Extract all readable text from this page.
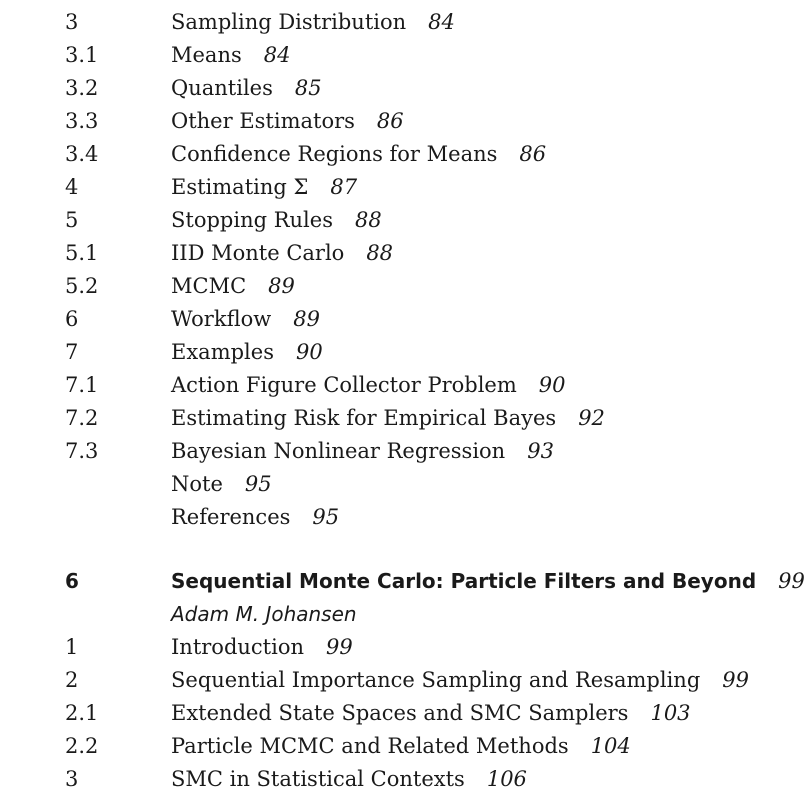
3	Sampling Distribution 84
3.1	Means 84
3.2	Quantiles 85
3.3	Other Estimators 86
3.4	Confidence Regions for Means 86
4	Estimating Σ 87
5	Stopping Rules 88
5.1	IID Monte Carlo 88
5.2	MCMC 89
6	Workflow 89
7	Examples 90
7.1	Action Figure Collector Problem 90
7.2	Estimating Risk for Empirical Bayes 92
7.3	Bayesian Nonlinear Regression 93
Note 95
References 95
6	Sequential Monte Carlo: Particle Filters and Beyond 99
Adam M. Johansen
1	Introduction 99
2	Sequential Importance Sampling and Resampling 99
2.1	Extended State Spaces and SMC Samplers 103
2.2	Particle MCMC and Related Methods 104
3	SMC in Statistical Contexts 106
